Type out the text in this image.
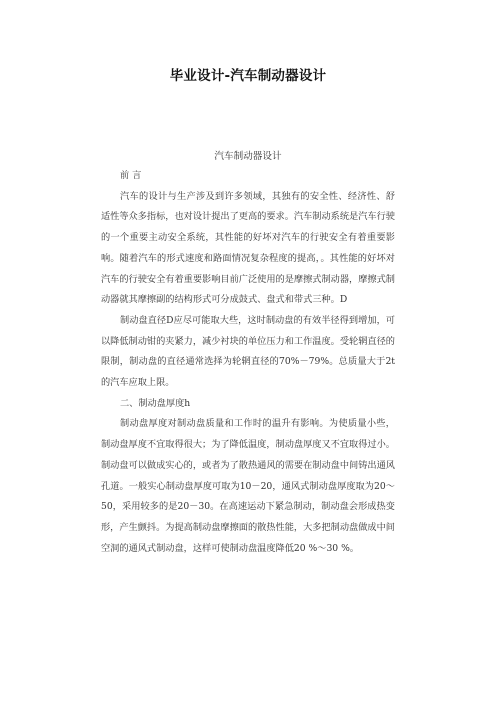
毕业设计-汽车制动器设计

汽车制动器设计

前 言

汽车的设计与生产涉及到许多领域，其独有的安全性、经济性、舒适性等众多指标，也对设计提出了更高的要求。汽车制动系统是汽车行驶的一个重要主动安全系统，其性能的好坏对汽车的行驶安全有着重要影响。随着汽车的形式速度和路面情况复杂程度的提高，。其性能的好坏对汽车的行驶安全有着重要影响目前广泛使用的是摩擦式制动器，摩擦式制动器就其摩擦副的结构形式可分成鼓式、盘式和带式三种。D

制动盘直径D应尽可能取大些，这时制动盘的有效半径得到增加，可以降低制动钳的夹紧力，减少衬块的单位压力和工作温度。受轮辋直径的限制，制动盘的直径通常选择为轮辋直径的70%－79%。总质量大于2t的汽车应取上限。

二、制动盘厚度h

制动盘厚度对制动盘质量和工作时的温升有影响。为使质量小些，制动盘厚度不宜取得很大；为了降低温度，制动盘厚度又不宜取得过小。制动盘可以做成实心的，或者为了散热通风的需要在制动盘中间铸出通风孔道。一般实心制动盘厚度可取为10－20，通风式制动盘厚度取为20～50，采用较多的是20－30。在高速运动下紧急制动，制动盘会形成热变形，产生颤抖。为提高制动盘摩擦面的散热性能，大多把制动盘做成中间空洞的通风式制动盘，这样可使制动盘温度降低20 %～30 %。
